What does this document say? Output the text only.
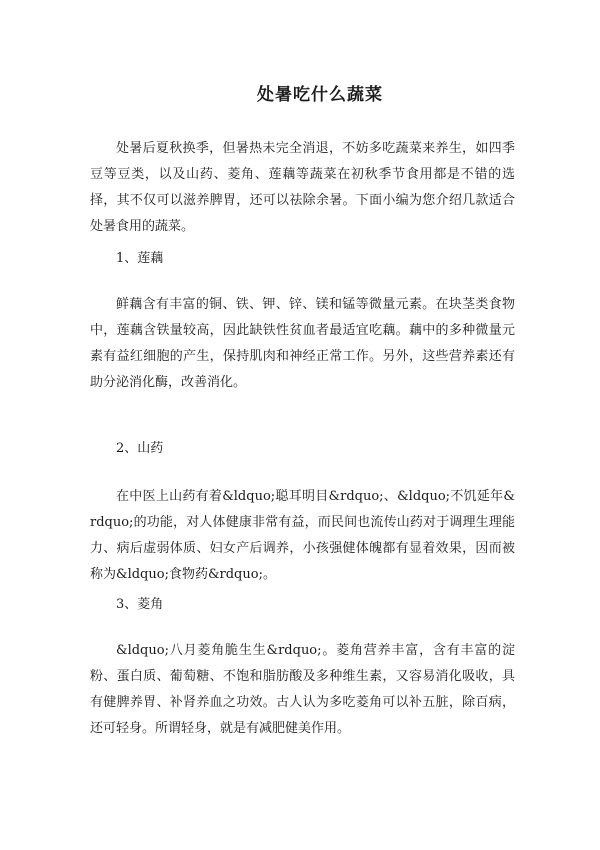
处暑吃什么蔬菜

处暑后夏秋换季，但暑热未完全消退，不妨多吃蔬菜来养生，如四季豆等豆类，以及山药、菱角、莲藕等蔬菜在初秋季节食用都是不错的选择，其不仅可以滋养脾胃，还可以祛除余暑。下面小编为您介绍几款适合处暑食用的蔬菜。

1、莲藕

鲜藕含有丰富的铜、铁、钾、锌、镁和锰等微量元素。在块茎类食物中，莲藕含铁量较高，因此缺铁性贫血者最适宜吃藕。藕中的多种微量元素有益红细胞的产生，保持肌肉和神经正常工作。另外，这些营养素还有助分泌消化酶，改善消化。

2、山药

在中医上山药有着&ldquo;聪耳明目&rdquo;、&ldquo;不饥延年&rdquo;的功能，对人体健康非常有益，而民间也流传山药对于调理生理能力、病后虚弱体质、妇女产后调养，小孩强健体魄都有显着效果，因而被称为&ldquo;食物药&rdquo;。

3、菱角

&ldquo;八月菱角脆生生&rdquo;。菱角营养丰富，含有丰富的淀粉、蛋白质、葡萄糖、不饱和脂肪酸及多种维生素，又容易消化吸收，具有健脾养胃、补肾养血之功效。古人认为多吃菱角可以补五脏，除百病，还可轻身。所谓轻身，就是有减肥健美作用。
